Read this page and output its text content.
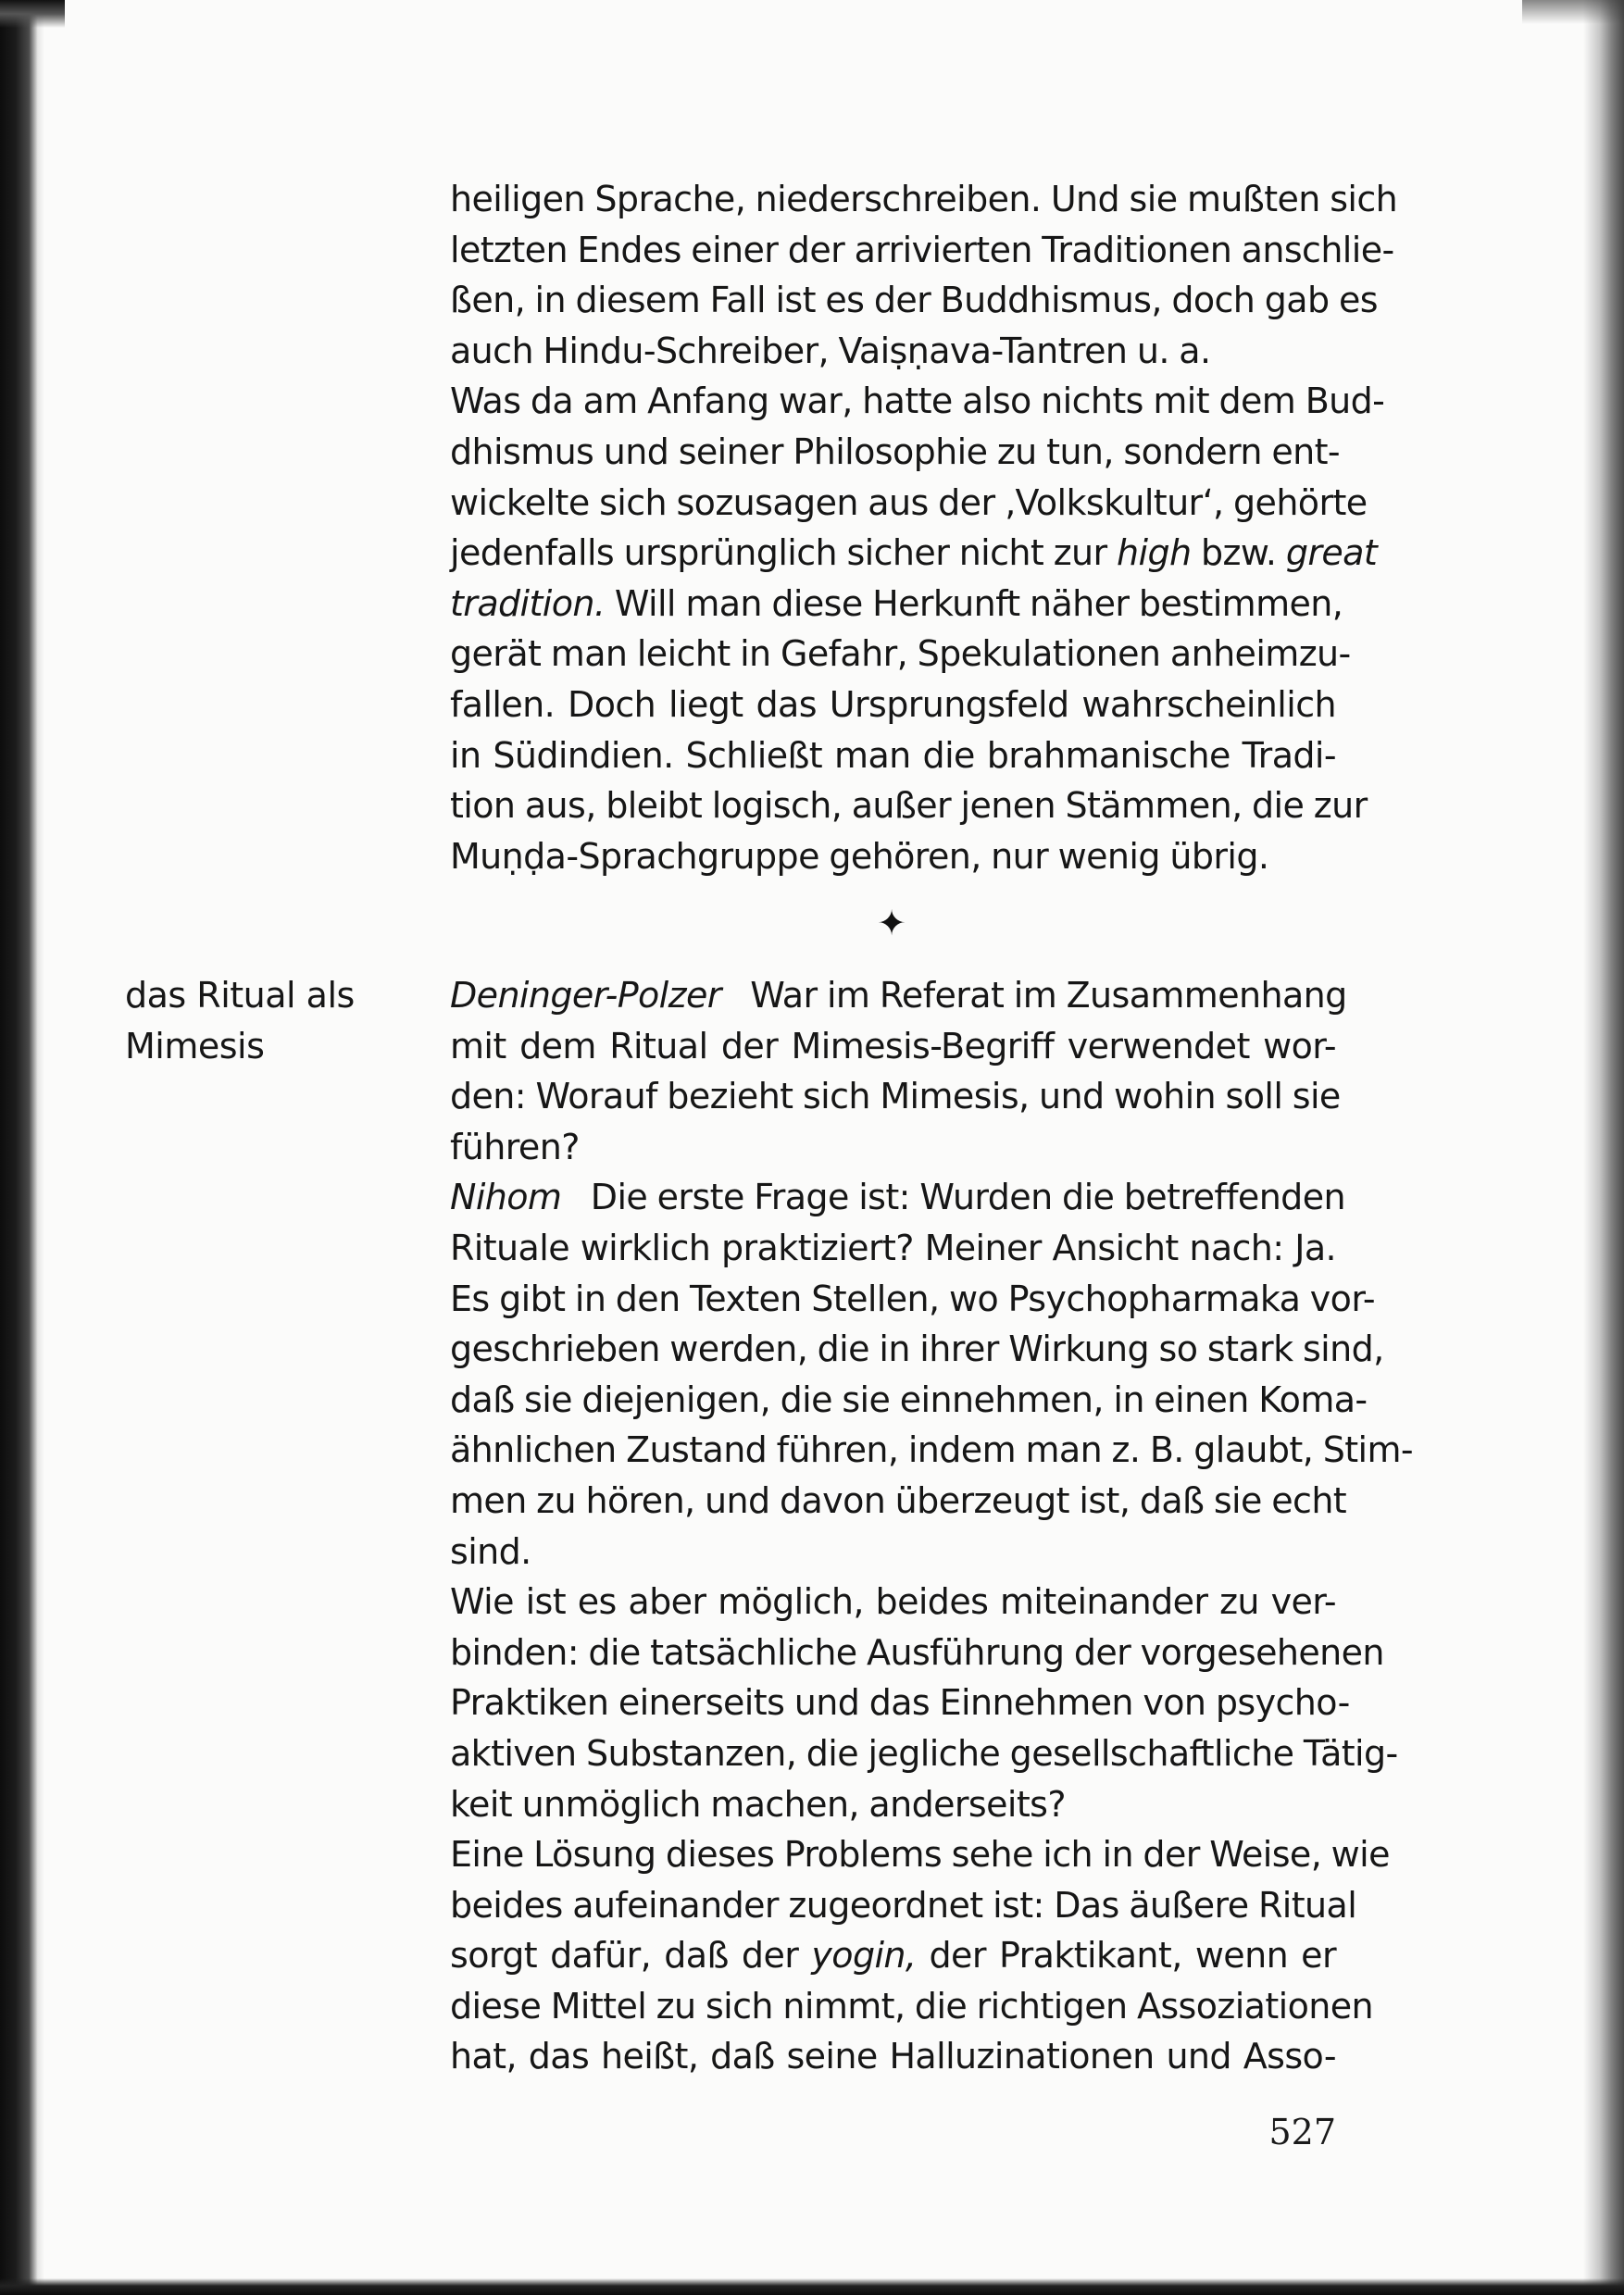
heiligen Sprache, niederschreiben. Und sie mußten sich
letzten Endes einer der arrivierten Traditionen anschlie-
ßen, in diesem Fall ist es der Buddhismus, doch gab es
auch Hindu-Schreiber, Vaiṣṇava-Tantren u. a.
Was da am Anfang war, hatte also nichts mit dem Bud-
dhismus und seiner Philosophie zu tun, sondern ent-
wickelte sich sozusagen aus der ‚Volkskultur‘, gehörte
jedenfalls ursprünglich sicher nicht zur high bzw. great
tradition. Will man diese Herkunft näher bestimmen,
gerät man leicht in Gefahr, Spekulationen anheimzu-
fallen. Doch liegt das Ursprungsfeld wahrscheinlich
in Südindien. Schließt man die brahmanische Tradi-
tion aus, bleibt logisch, außer jenen Stämmen, die zur
Muṇḍa-Sprachgruppe gehören, nur wenig übrig.
✦
das Ritual als
Mimesis
Deninger-Polzer War im Referat im Zusammenhang
mit dem Ritual der Mimesis-Begriff verwendet wor-
den: Worauf bezieht sich Mimesis, und wohin soll sie
führen?
Nihom Die erste Frage ist: Wurden die betreffenden
Rituale wirklich praktiziert? Meiner Ansicht nach: Ja.
Es gibt in den Texten Stellen, wo Psychopharmaka vor-
geschrieben werden, die in ihrer Wirkung so stark sind,
daß sie diejenigen, die sie einnehmen, in einen Koma-
ähnlichen Zustand führen, indem man z. B. glaubt, Stim-
men zu hören, und davon überzeugt ist, daß sie echt
sind.
Wie ist es aber möglich, beides miteinander zu ver-
binden: die tatsächliche Ausführung der vorgesehenen
Praktiken einerseits und das Einnehmen von psycho-
aktiven Substanzen, die jegliche gesellschaftliche Tätig-
keit unmöglich machen, anderseits?
Eine Lösung dieses Problems sehe ich in der Weise, wie
beides aufeinander zugeordnet ist: Das äußere Ritual
sorgt dafür, daß der yogin, der Praktikant, wenn er
diese Mittel zu sich nimmt, die richtigen Assoziationen
hat, das heißt, daß seine Halluzinationen und Asso-
527
